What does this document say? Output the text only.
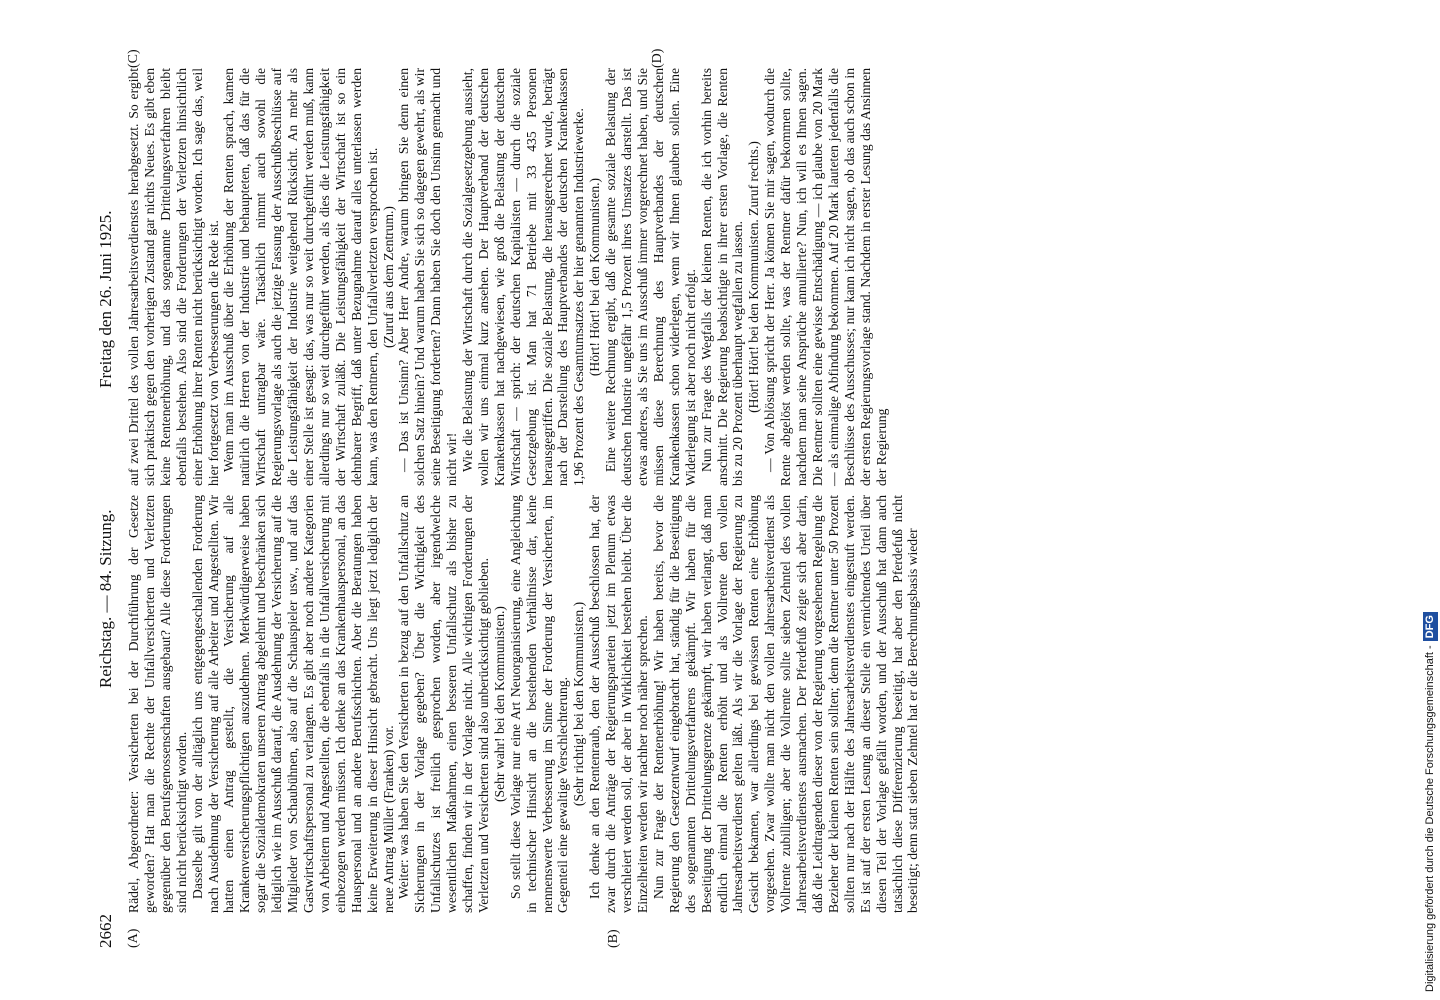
2662
Reichstag. — 84. Sitzung.
Freitag den 26. Juni 1925.
(A)	(B)
(C)	(D)

Rädel, Abgeordneter: Versicherten bei der Durchführung der Gesetze geworden? Hat man die Rechte der Unfallversicherten und Verletzten gegenüber den Berufsgenossenschaften ausgebaut? Alle diese Forderungen sind nicht berücksichtigt worden. Dasselbe gilt von der alltäglich uns entgegengeschallenden Forderung nach Ausdehnung der Versicherung auf alle Arbeiter und Angestellten. Wir hatten einen Antrag gestellt, die Versicherung auf alle Krankenversicherungspflichtigen auszudehnen. Merkwürdigerweise haben sogar die Sozialdemokraten unseren Antrag abgelehnt und beschränken sich lediglich wie im Ausschuß darauf, die Ausdehnung der Versicherung auf die Mitglieder von Schaubühnen, also auf die Schauspieler usw., und auf das Gastwirtschaftspersonal zu verlangen. Es gibt aber noch andere Kategorien von Arbeitern und Angestellten, die ebenfalls in die Unfallversicherung mit einbezogen werden müssen. Ich denke an das Krankenhauspersonal, an das Hauspersonal und an andere Berufsschichten. Aber die Beratungen haben keine Erweiterung in dieser Hinsicht gebracht. Uns liegt jetzt lediglich der neue Antrag Müller (Franken) vor. Weiter: was haben Sie den Versicherten in bezug auf den Unfallschutz an Sicherungen in der Vorlage gegeben? Über die Wichtigkeit des Unfallschutzes ist freilich gesprochen worden, aber irgendwelche wesentlichen Maßnahmen, einen besseren Unfallschutz als bisher zu schaffen, finden wir in der Vorlage nicht. Alle wichtigen Forderungen der Verletzten und Versicherten sind also unberücksichtigt geblieben. (Sehr wahr! bei den Kommunisten.) So stellt diese Vorlage nur eine Art Neuorganisierung, eine Angleichung in technischer Hinsicht an die bestehenden Verhältnisse dar, keine nennenswerte Verbesserung im Sinne der Forderung der Versicherten, im Gegenteil eine gewaltige Verschlechterung. (Sehr richtig! bei den Kommunisten.) Ich denke an den Rentenraub, den der Ausschuß beschlossen hat, der zwar durch die Anträge der Regierungsparteien jetzt im Plenum etwas verschleiert werden soll, der aber in Wirklichkeit bestehen bleibt. Über die Einzelheiten werden wir nachher noch näher sprechen. Nun zur Frage der Rentenerhöhung! Wir haben bereits, bevor die Regierung den Gesetzentwurf eingebracht hat, ständig für die Beseitigung des sogenannten Drittelungsverfahrens gekämpft. Wir haben für die Beseitigung der Drittelungsgrenze gekämpft, wir haben verlangt, daß man endlich einmal die Renten erhöht und als Vollrente den vollen Jahresarbeitsverdienst gelten läßt. Als wir die Vorlage der Regierung zu Gesicht bekamen, war allerdings bei gewissen Renten eine Erhöhung vorgesehen. Zwar wollte man nicht den vollen Jahresarbeitsverdienst als Vollrente zubilligen; aber die Vollrente sollte sieben Zehntel des vollen Jahresarbeitsverdienstes ausmachen. Der Pferdefuß zeigte sich aber darin, daß die Leidtragenden dieser von der Regierung vorgesehenen Regelung die Bezieher der kleinen Renten sein sollten; denn die Rentner unter 50 Prozent sollten nur nach der Hälfte des Jahresarbeitsverdienstes eingestuft werden. Es ist auf der ersten Lesung an dieser Stelle ein vernichtendes Urteil über diesen Teil der Vorlage gefällt worden, und der Ausschuß hat dann auch tatsächlich diese Differenzierung beseitigt, hat aber den Pferdefuß nicht beseitigt; denn statt sieben Zehntel hat er die Berechnungsbasis wieder

auf zwei Drittel des vollen Jahresarbeitsverdienstes herabgesetzt. So ergibt sich praktisch gegen den vorherigen Zustand gar nichts Neues. Es gibt eben keine Rentenerhöhung, und das sogenannte Drittelungsverfahren bleibt ebenfalls bestehen. Also sind die Forderungen der Verletzten hinsichtlich einer Erhöhung ihrer Renten nicht berücksichtigt worden. Ich sage das, weil hier fortgesetzt von Verbesserungen die Rede ist. Wenn man im Ausschuß über die Erhöhung der Renten sprach, kamen natürlich die Herren von der Industrie und behaupteten, daß das für die Wirtschaft untragbar wäre. Tatsächlich nimmt auch sowohl die Regierungsvorlage als auch die jetzige Fassung der Ausschußbeschlüsse auf die Leistungsfähigkeit der Industrie weitgehend Rücksicht. An mehr als einer Stelle ist gesagt: das, was nur so weit durchgeführt werden muß, kann allerdings nur so weit durchgeführt werden, als dies die Leistungsfähigkeit der Wirtschaft zuläßt. Die Leistungsfähigkeit der Wirtschaft ist so ein dehnbarer Begriff, daß unter Bezugnahme darauf alles unterlassen werden kann, was den Rentnern, den Unfallverletzten versprochen ist. (Zuruf aus dem Zentrum.) — Das ist Unsinn? Aber Herr Andre, warum bringen Sie denn einen solchen Satz hinein? Und warum haben Sie sich so dagegen gewehrt, als wir seine Beseitigung forderten? Dann haben Sie doch den Unsinn gemacht und nicht wir! Wie die Belastung der Wirtschaft durch die Sozialgesetzgebung aussieht, wollen wir uns einmal kurz ansehen. Der Hauptverband der deutschen Krankenkassen hat nachgewiesen, wie groß die Belastung der deutschen Wirtschaft — sprich: der deutschen Kapitalisten — durch die soziale Gesetzgebung ist. Man hat 71 Betriebe mit 33 435 Personen herausgegriffen. Die soziale Belastung, die herausgerechnet wurde, beträgt nach der Darstellung des Hauptverbandes der deutschen Krankenkassen 1,96 Prozent des Gesamtumsatzes der hier genannten Industriewerke. (Hört! Hört! bei den Kommunisten.) Eine weitere Rechnung ergibt, daß die gesamte soziale Belastung der deutschen Industrie ungefähr 1,5 Prozent ihres Umsatzes darstellt. Das ist etwas anderes, als Sie uns im Ausschuß immer vorgerechnet haben, und Sie müssen diese Berechnung des Hauptverbandes der deutschen Krankenkassen schon widerlegen, wenn wir Ihnen glauben sollen. Eine Widerlegung ist aber noch nicht erfolgt. Nun zur Frage des Wegfalls der kleinen Renten, die ich vorhin bereits anschnitt. Die Regierung beabsichtigte in ihrer ersten Vorlage, die Renten bis zu 20 Prozent überhaupt wegfallen zu lassen. (Hört! Hört! bei den Kommunisten. Zuruf rechts.) — Von Ablösung spricht der Herr. Ja können Sie mir sagen, wodurch die Rente abgelöst werden sollte, was der Rentner dafür bekommen sollte, nachdem man seine Ansprüche annullierte? Nun, ich will es Ihnen sagen. Die Rentner sollten eine gewisse Entschädigung — ich glaube von 20 Mark — als einmalige Abfindung bekommen. Auf 20 Mark lauteten jedenfalls die Beschlüsse des Ausschusses; nur kann ich nicht sagen, ob das auch schon in der ersten Regierungsvorlage stand. Nachdem in erster Lesung das Ansinnen der Regierung

Digitalisierung gefördert durch die Deutsche Forschungsgemeinschaft -DFG
